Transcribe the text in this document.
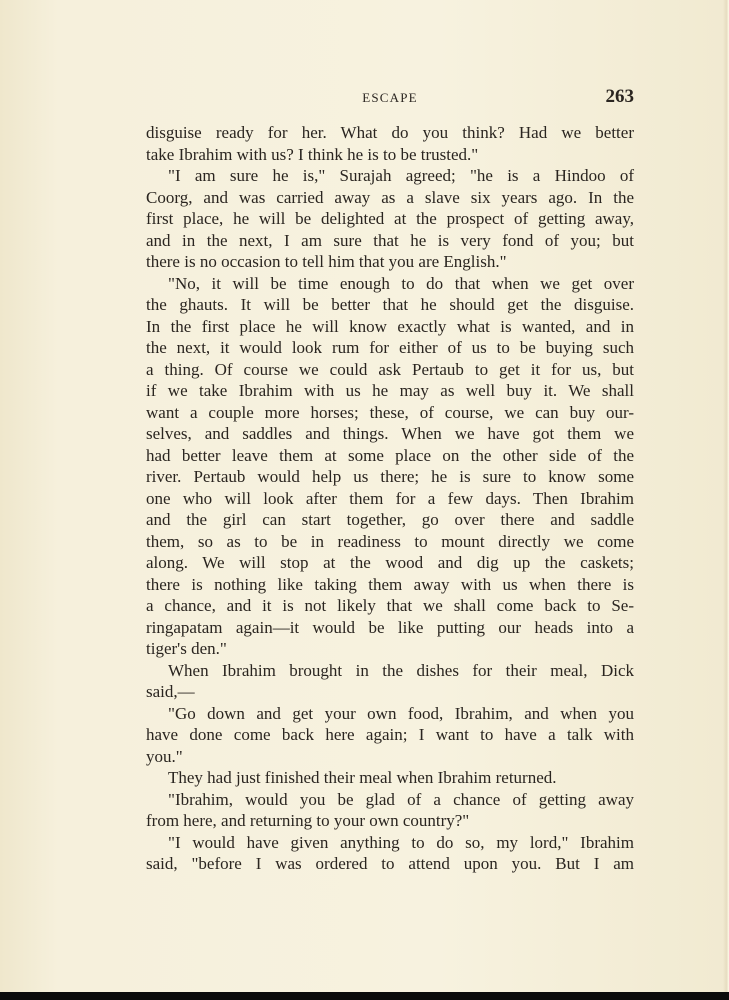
ESCAPE	263
disguise ready for her. What do you think? Had we better
take Ibrahim with us? I think he is to be trusted."
"I am sure he is," Surajah agreed; "he is a Hindoo of
Coorg, and was carried away as a slave six years ago. In the
first place, he will be delighted at the prospect of getting away,
and in the next, I am sure that he is very fond of you; but
there is no occasion to tell him that you are English."
"No, it will be time enough to do that when we get over
the ghauts. It will be better that he should get the disguise.
In the first place he will know exactly what is wanted, and in
the next, it would look rum for either of us to be buying such
a thing. Of course we could ask Pertaub to get it for us, but
if we take Ibrahim with us he may as well buy it. We shall
want a couple more horses; these, of course, we can buy our-
selves, and saddles and things. When we have got them we
had better leave them at some place on the other side of the
river. Pertaub would help us there; he is sure to know some
one who will look after them for a few days. Then Ibrahim
and the girl can start together, go over there and saddle
them, so as to be in readiness to mount directly we come
along. We will stop at the wood and dig up the caskets;
there is nothing like taking them away with us when there is
a chance, and it is not likely that we shall come back to Se-
ringapatam again—it would be like putting our heads into a
tiger's den."
When Ibrahim brought in the dishes for their meal, Dick
said,—
"Go down and get your own food, Ibrahim, and when you
have done come back here again; I want to have a talk with
you."
They had just finished their meal when Ibrahim returned.
"Ibrahim, would you be glad of a chance of getting away
from here, and returning to your own country?"
"I would have given anything to do so, my lord," Ibrahim
said, "before I was ordered to attend upon you. But I am
